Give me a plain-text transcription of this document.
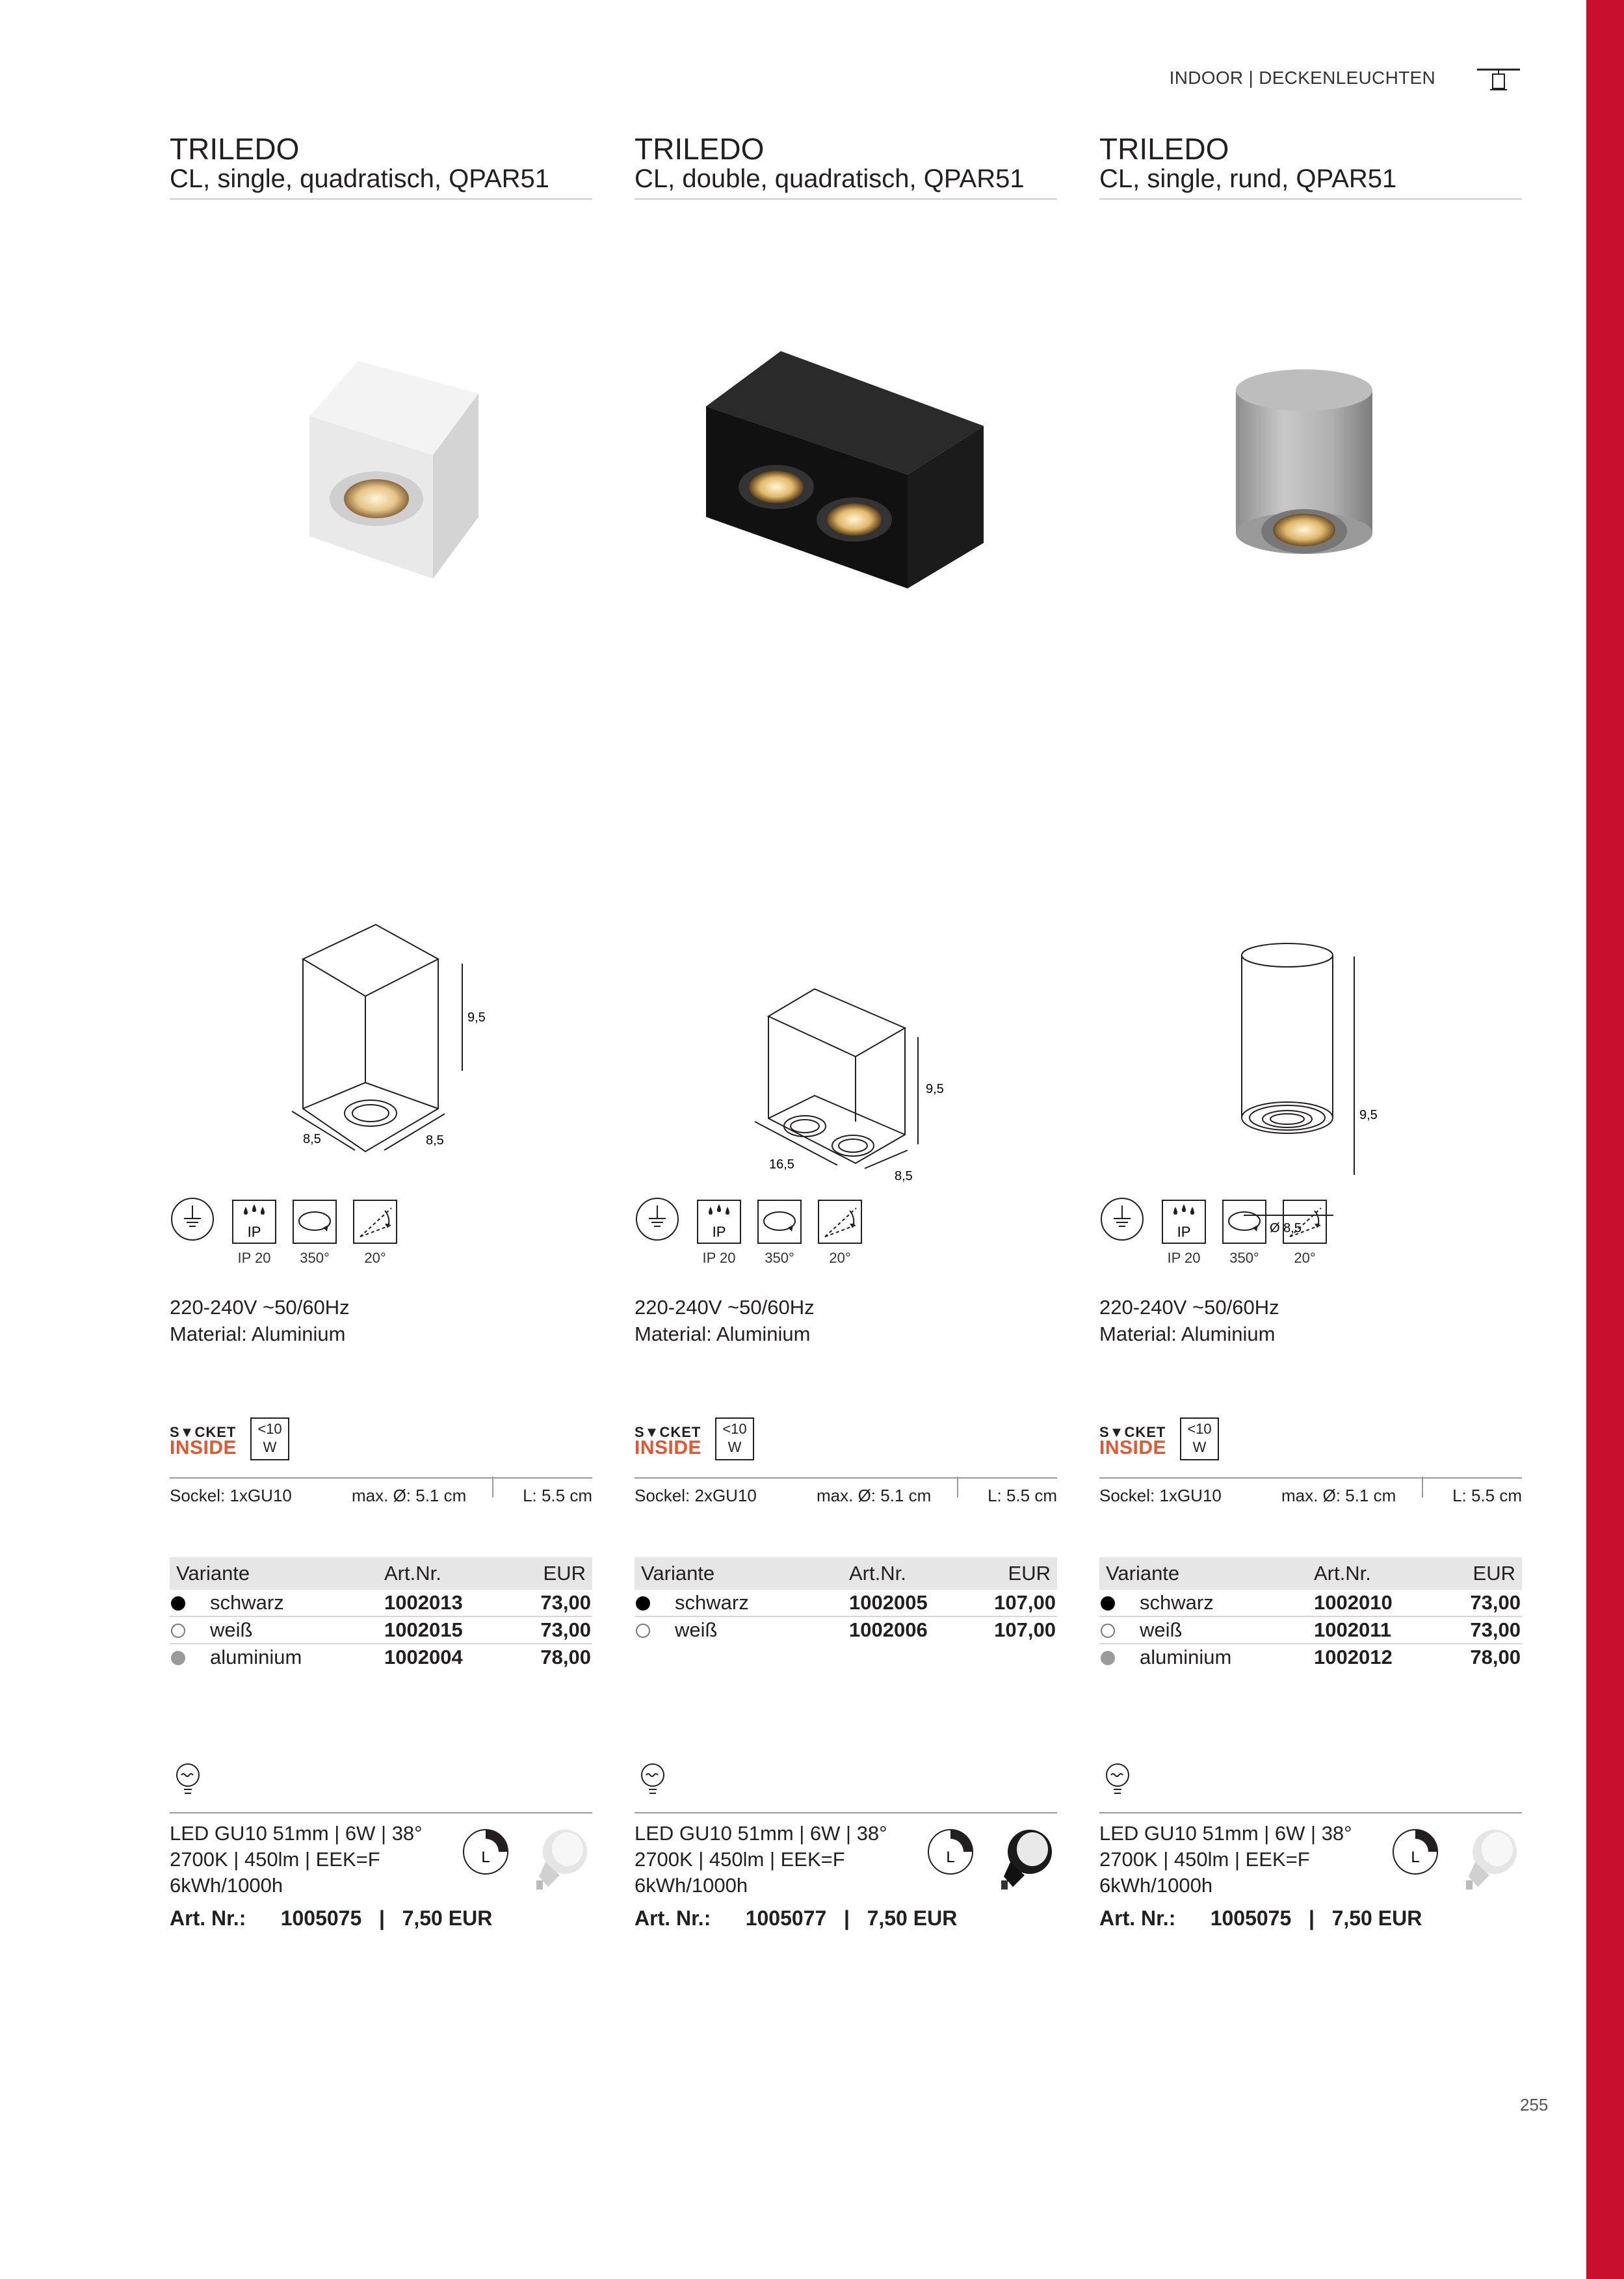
INDOOR | DECKENLEUCHTEN
TRILEDO
CL, single, quadratisch, QPAR51
9,5
8,5	8,5
IP
IP 20	350°	20°
220-240V ~50/60Hz
Material: Aluminium
S▼CKET
INSIDE
<10
W
Sockel: 1xGU10	max. Ø: 5.1 cm	L: 5.5 cm
Variante	Art.Nr.	EUR
schwarz	1002013	73,00
weiß	1002015	73,00
aluminium	1002004	78,00
LED GU10 51mm | 6W | 38°
2700K | 450lm | EEK=F
6kWh/1000h
Art. Nr.: 1005075 | 7,50 EUR
L
TRILEDO
CL, double, quadratisch, QPAR51
9,5
16,5
8,5
IP
IP 20	350°	20°
220-240V ~50/60Hz
Material: Aluminium
S▼CKET
INSIDE
<10
W
Sockel: 2xGU10	max. Ø: 5.1 cm	L: 5.5 cm
Variante	Art.Nr.	EUR
schwarz	1002005	107,00
weiß	1002006	107,00
LED GU10 51mm | 6W | 38°
2700K | 450lm | EEK=F
6kWh/1000h
Art. Nr.: 1005077 | 7,50 EUR
L
TRILEDO
CL, single, rund, QPAR51
9,5
Ø 8,5
IP
IP 20	350°	20°
220-240V ~50/60Hz
Material: Aluminium
S▼CKET
INSIDE
<10
W
Sockel: 1xGU10	max. Ø: 5.1 cm	L: 5.5 cm
Variante	Art.Nr.	EUR
schwarz	1002010	73,00
weiß	1002011	73,00
aluminium	1002012	78,00
LED GU10 51mm | 6W | 38°
2700K | 450lm | EEK=F
6kWh/1000h
Art. Nr.: 1005075 | 7,50 EUR
L
255
